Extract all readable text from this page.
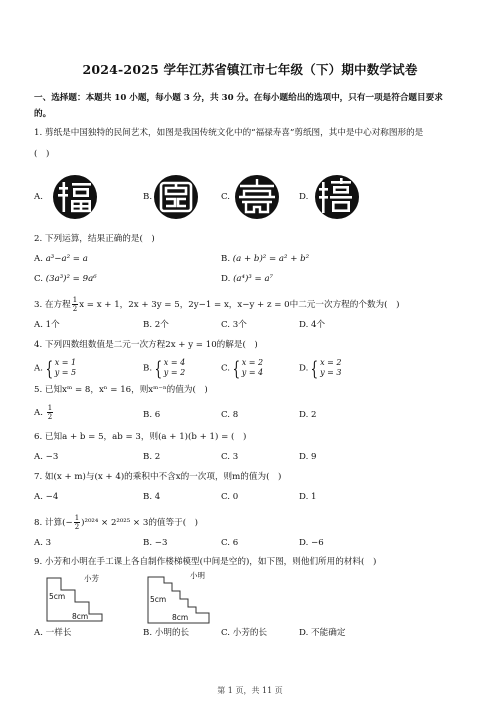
2024-2025 学年江苏省镇江市七年级（下）期中数学试卷
一、选择题：本题共 10 小题，每小题 3 分，共 30 分。在每小题给出的选项中，只有一项是符合题目要求
的。
1. 剪纸是中国独特的民间艺术，如图是我国传统文化中的“福禄寿喜”剪纸图，其中是中心对称图形的是
(　)
A.	B.	C.	D.
2. 下列运算，结果正确的是(　)
A. a³−a² = a	B. (a + b)² = a² + b²
C. (3a³)² = 9a⁶	D. (a⁴)³ = a⁷
3. 在方程 $\frac{1}{2}$ x = x + 1，2x + 3y = 5，2y−1 = x，x−y + z = 0中二元一次方程的个数为(　)
A. 1个	B. 2个	C. 3个	D. 4个
4. 下列四数组数值是二元一次方程2x + y = 10的解是(　)
A. { x = 1
y = 5	B. { x = 4
y = 2	C. { x = 2
y = 4	D. { x = 2
y = 3
5. 已知xᵐ = 8，xⁿ = 16，则xᵐ⁻ⁿ的值为(　)
A. $\frac{1}{2}$	B. 6	C. 8	D. 2
6. 已知a + b = 5，ab = 3，则(a + 1)(b + 1) = (　)
A. −3	B. 2	C. 3	D. 9
7. 如(x + m)与(x + 4)的乘积中不含x的一次项，则m的值为(　)
A. −4	B. 4	C. 0	D. 1
8. 计算(− $\frac{1}{2} )^{2024} \times 2^{2025} \times 3$的值等于(　)
A. 3	B. −3	C. 6	D. −6
9. 小芳和小明在手工课上各自制作楼梯模型(中间是空的)，如下图，则他们所用的材料(　)
小芳
5cm
8cm
小明
5cm
8cm
A. 一样长	B. 小明的长	C. 小芳的长	D. 不能确定
第 1 页，共 11 页
